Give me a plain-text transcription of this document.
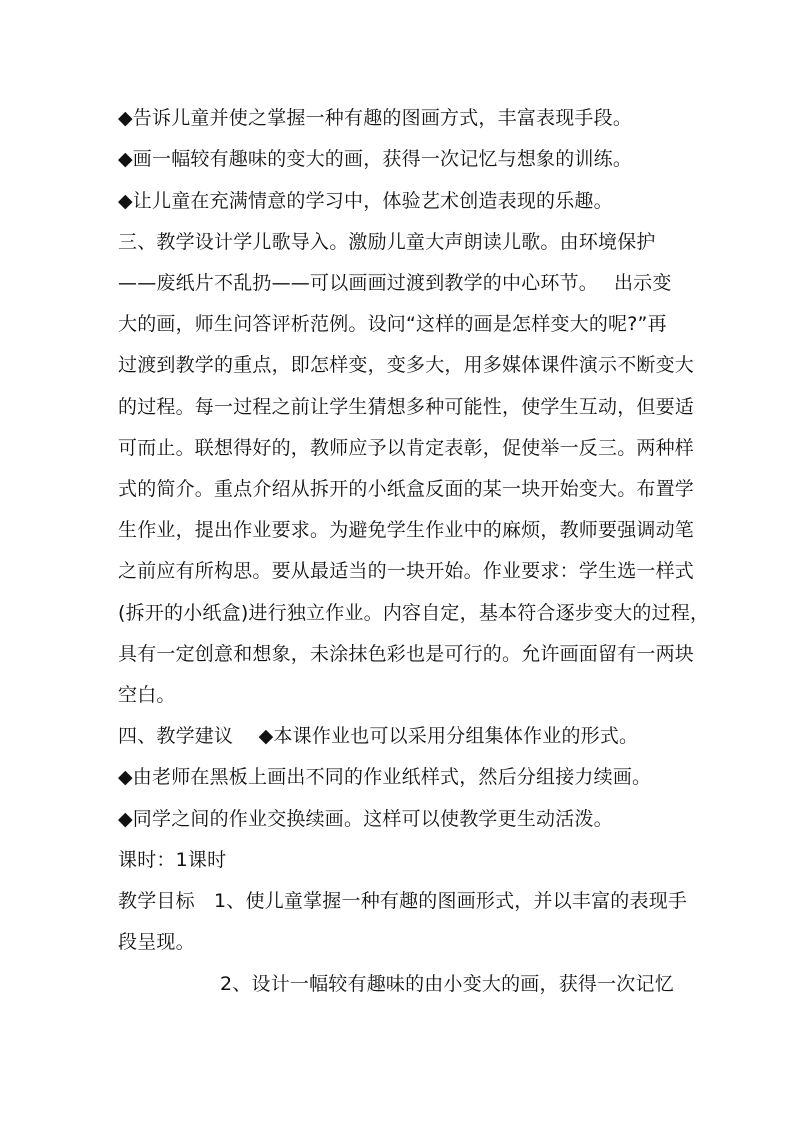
◆告诉儿童并使之掌握一种有趣的图画方式，丰富表现手段。
◆画一幅较有趣味的变大的画，获得一次记忆与想象的训练。
◆让儿童在充满情意的学习中，体验艺术创造表现的乐趣。
三、教学设计学儿歌导入。激励儿童大声朗读儿歌。由环境保护
——废纸片不乱扔——可以画画过渡到教学的中心环节。　 出示变
大的画，师生问答评析范例。设问“这样的画是怎样变大的呢?”再
过渡到教学的重点，即怎样变，变多大，用多媒体课件演示不断变大
的过程。每一过程之前让学生猜想多种可能性，使学生互动，但要适
可而止。联想得好的，教师应予以肯定表彰，促使举一反三。两种样
式的简介。重点介绍从拆开的小纸盒反面的某一块开始变大。布置学
生作业，提出作业要求。为避免学生作业中的麻烦，教师要强调动笔
之前应有所构思。要从最适当的一块开始。作业要求：学生选一样式
(拆开的小纸盒)进行独立作业。内容自定，基本符合逐步变大的过程，
具有一定创意和想象，未涂抹色彩也是可行的。允许画面留有一两块
空白。
四、教学建议　 ◆本课作业也可以采用分组集体作业的形式。
◆由老师在黑板上画出不同的作业纸样式，然后分组接力续画。
◆同学之间的作业交换续画。这样可以使教学更生动活泼。
课时：1课时
教学目标　1、使儿童掌握一种有趣的图画形式，并以丰富的表现手
段呈现。
2、设计一幅较有趣味的由小变大的画，获得一次记忆
